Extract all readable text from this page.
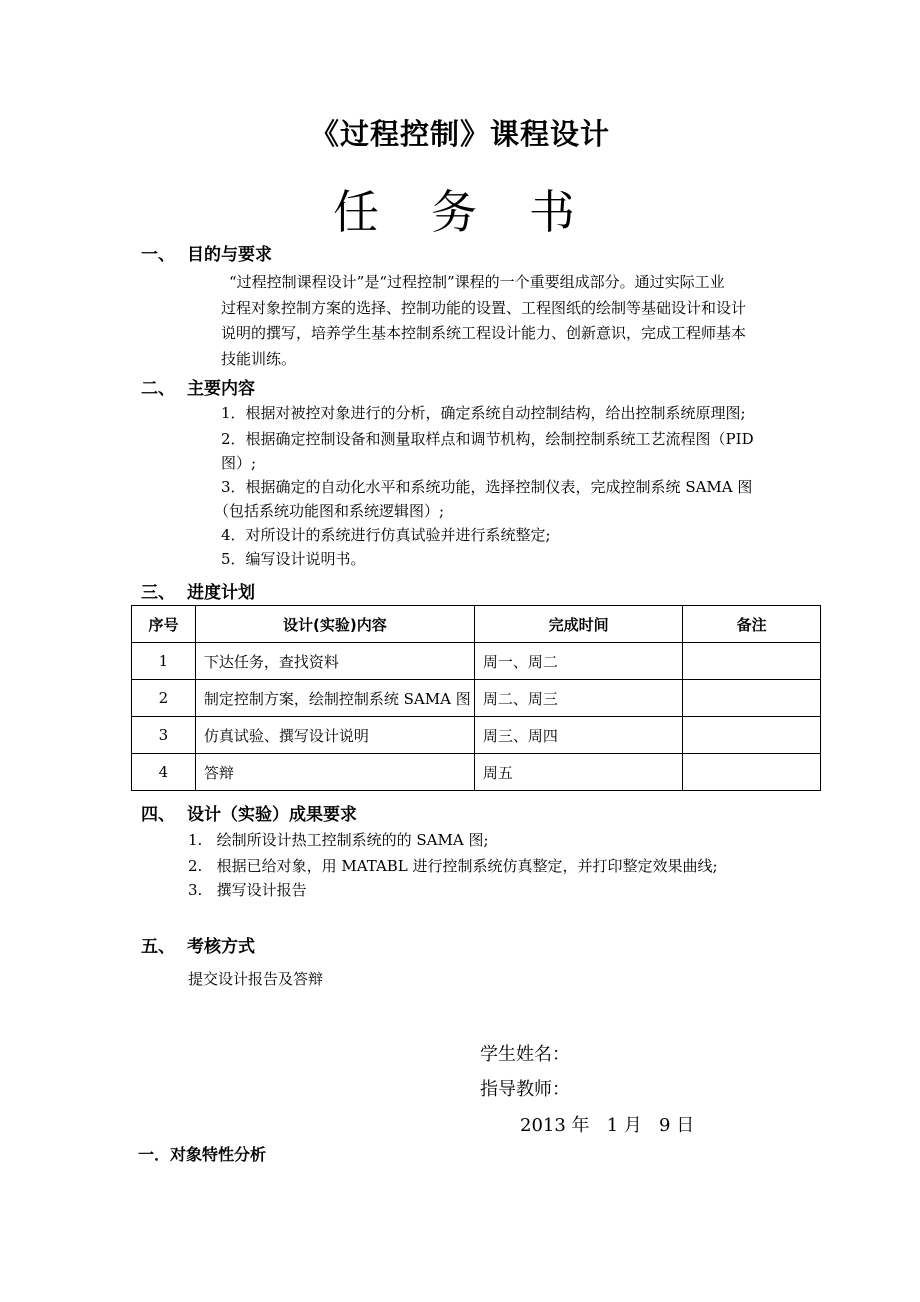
《过程控制》课程设计
任务书
一、 目的与要求
“过程控制课程设计”是“过程控制”课程的一个重要组成部分。通过实际工业
过程对象控制方案的选择、控制功能的设置、工程图纸的绘制等基础设计和设计
说明的撰写，培养学生基本控制系统工程设计能力、创新意识，完成工程师基本
技能训练。
二、 主要内容
1．根据对被控对象进行的分析，确定系统自动控制结构，给出控制系统原理图;
2．根据确定控制设备和测量取样点和调节机构，绘制控制系统工艺流程图（PID
图）;
3．根据确定的自动化水平和系统功能，选择控制仪表，完成控制系统 SAMA 图
（包括系统功能图和系统逻辑图）;
4．对所设计的系统进行仿真试验并进行系统整定;
5．编写设计说明书。
三、 进度计划
序号	设计(实验)内容	完成时间	备注
1	下达任务，查找资料	周一、周二	
2	制定控制方案，绘制控制系统 SAMA 图	周二、周三	
3	仿真试验、撰写设计说明	周三、周四	
4	答辩	周五	
四、 设计（实验）成果要求
1.   绘制所设计热工控制系统的的 SAMA 图;
2.   根据已给对象，用 MATABL 进行控制系统仿真整定，并打印整定效果曲线;
3.   撰写设计报告
五、 考核方式
提交设计报告及答辩
学生姓名：
指导教师：
2013 年   1 月   9 日
一．对象特性分析
